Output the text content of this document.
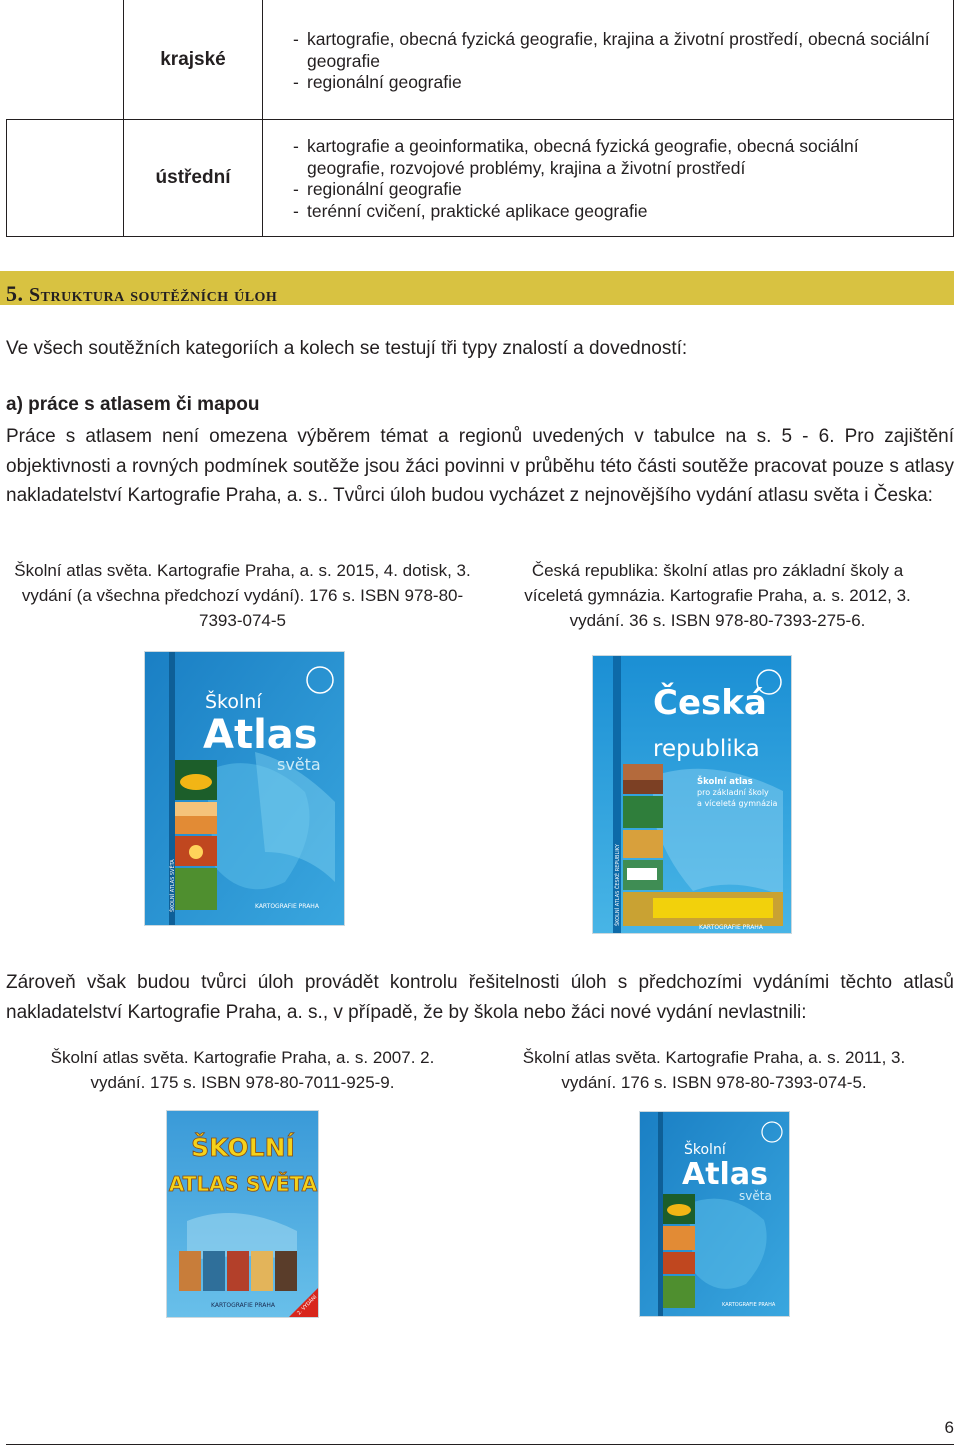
krajské
- kartografie, obecná fyzická geografie, krajina a životní prostředí, obecná sociální geografie
- regionální geografie
ústřední
- kartografie a geoinformatika, obecná fyzická geografie, obecná sociální geografie, rozvojové problémy, krajina a životní prostředí
- regionální geografie
- terénní cvičení, praktické aplikace geografie
5. Struktura soutěžních úloh
Ve všech soutěžních kategoriích a kolech se testují tři typy znalostí a dovedností:
a) práce s atlasem či mapou
Práce s atlasem není omezena výběrem témat a regionů uvedených v tabulce na s. 5 - 6. Pro zajištění objektivnosti a rovných podmínek soutěže jsou žáci povinni v průběhu této části soutěže pracovat pouze s atlasy nakladatelství Kartografie Praha, a. s.. Tvůrci úloh budou vycházet z nejnovějšího vydání atlasu světa i Česka:
Školní atlas světa. Kartografie Praha, a. s. 2015, 4. dotisk, 3. vydání (a všechna předchozí vydání). 176 s. ISBN 978-80-7393-074-5
Česká republika: školní atlas pro základní školy a víceletá gymnázia. Kartografie Praha, a. s. 2012, 3. vydání. 36 s. ISBN 978-80-7393-275-6.
Školní
Atlas
světa
KARTOGRAFIE PRAHA
ŠKOLNÍ ATLAS SVĚTA
Česká
republika
Školní atlas
pro základní školy
a víceletá gymnázia
KARTOGRAFIE PRAHA
ŠKOLNÍ ATLAS ČESKÉ REPUBLIKY
Zároveň však budou tvůrci úloh provádět kontrolu řešitelnosti úloh s předchozími vydáními těchto atlasů nakladatelství Kartografie Praha, a. s., v případě, že by škola nebo žáci nové vydání nevlastnili:
Školní atlas světa. Kartografie Praha, a. s. 2007. 2. vydání. 175 s. ISBN 978-80-7011-925-9.
Školní atlas světa. Kartografie Praha, a. s. 2011, 3. vydání. 176 s. ISBN 978-80-7393-074-5.
ŠKOLNÍ
ATLAS SVĚTA
KARTOGRAFIE PRAHA	2. VYDÁNÍ
Školní
Atlas
světa
KARTOGRAFIE PRAHA
6
